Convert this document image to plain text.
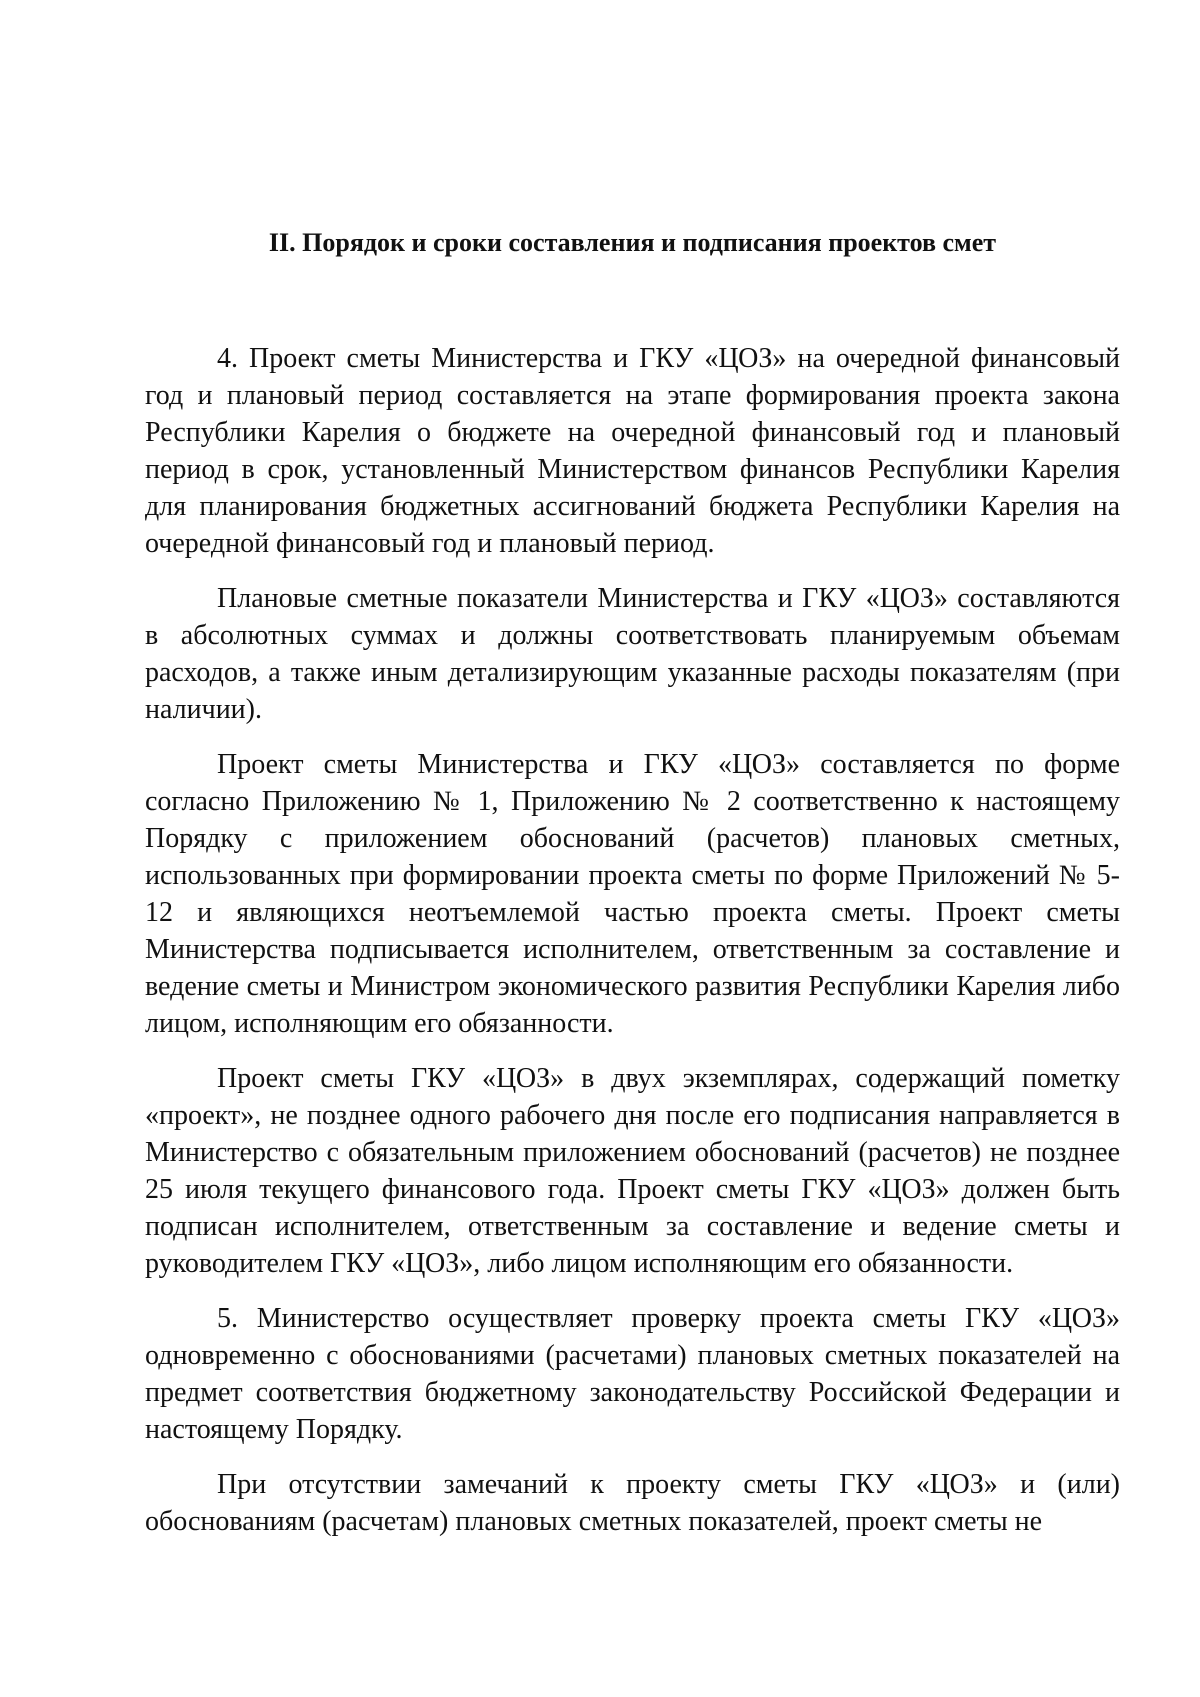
II. Порядок и сроки составления и подписания проектов смет

4. Проект сметы Министерства и ГКУ «ЦОЗ» на очередной финансовый год и плановый период составляется на этапе формирования проекта закона Республики Карелия о бюджете на очередной финансовый год и плановый период в срок, установленный Министерством финансов Республики Карелия для планирования бюджетных ассигнований бюджета Республики Карелия на очередной финансовый год и плановый период.

Плановые сметные показатели Министерства и ГКУ «ЦОЗ» составляются в абсолютных суммах и должны соответствовать планируемым объемам расходов, а также иным детализирующим указанные расходы показателям (при наличии).

Проект сметы Министерства и ГКУ «ЦОЗ» составляется по форме согласно Приложению № 1, Приложению № 2 соответственно к настоящему Порядку с приложением обоснований (расчетов) плановых сметных, использованных при формировании проекта сметы по форме Приложений № 5-12 и являющихся неотъемлемой частью проекта сметы. Проект сметы Министерства подписывается исполнителем, ответственным за составление и ведение сметы и Министром экономического развития Республики Карелия либо лицом, исполняющим его обязанности.

Проект сметы ГКУ «ЦОЗ» в двух экземплярах, содержащий пометку «проект», не позднее одного рабочего дня после его подписания направляется в Министерство с обязательным приложением обоснований (расчетов) не позднее 25 июля текущего финансового года. Проект сметы ГКУ «ЦОЗ» должен быть подписан исполнителем, ответственным за составление и ведение сметы и руководителем ГКУ «ЦОЗ», либо лицом исполняющим его обязанности.

5. Министерство осуществляет проверку проекта сметы ГКУ «ЦОЗ» одновременно с обоснованиями (расчетами) плановых сметных показателей на предмет соответствия бюджетному законодательству Российской Федерации и настоящему Порядку.

При отсутствии замечаний к проекту сметы ГКУ «ЦОЗ» и (или) обоснованиям (расчетам) плановых сметных показателей, проект сметы не
